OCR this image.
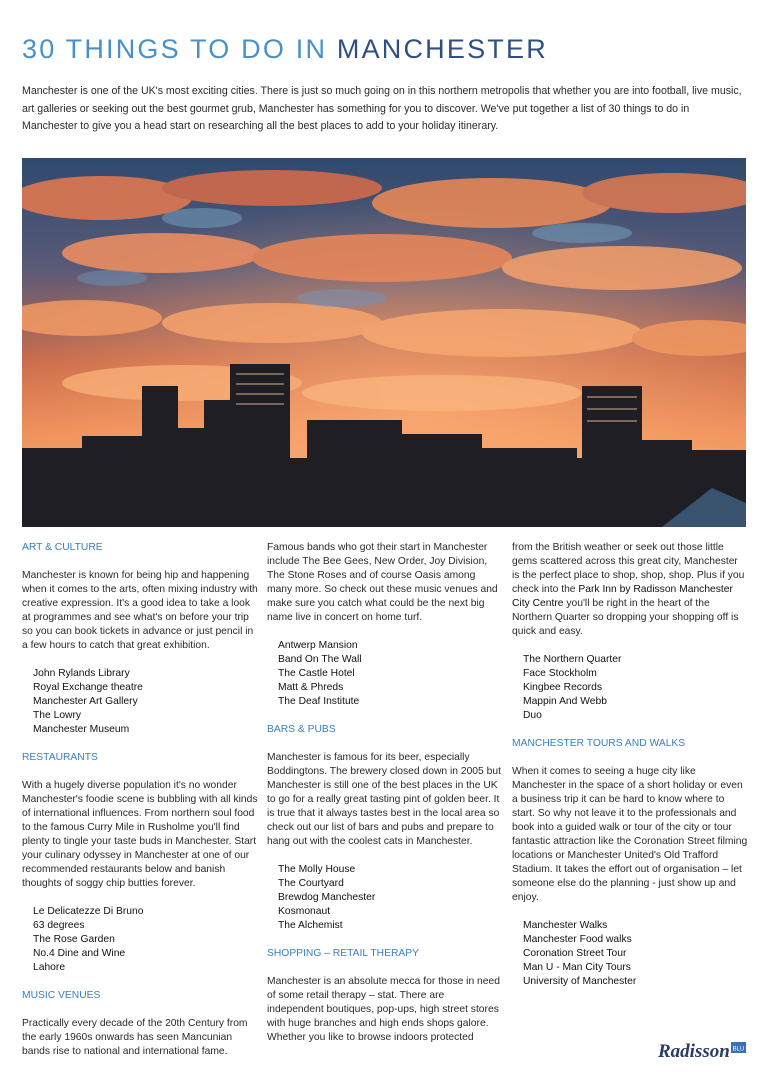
30 THINGS TO DO IN MANCHESTER

Manchester is one of the UK's most exciting cities. There is just so much going on in this northern metropolis that whether you are into football, live music, art galleries or seeking out the best gourmet grub, Manchester has something for you to discover. We've put together a list of 30 things to do in Manchester to give you a head start on researching all the best places to add to your holiday itinerary.

ART & CULTURE

Manchester is known for being hip and happening when it comes to the arts, often mixing industry with creative expression. It's a good idea to take a look at programmes and see what's on before your trip so you can book tickets in advance or just pencil in a few hours to catch that great exhibition.

John Rylands Library
Royal Exchange theatre
Manchester Art Gallery
The Lowry
Manchester Museum

RESTAURANTS

With a hugely diverse population it's no wonder Manchester's foodie scene is bubbling with all kinds of international influences. From northern soul food to the famous Curry Mile in Rusholme you'll find plenty to tingle your taste buds in Manchester. Start your culinary odyssey in Manchester at one of our recommended restaurants below and banish thoughts of soggy chip butties forever.

Le Delicatezze Di Bruno
63 degrees
The Rose Garden
No.4 Dine and Wine
Lahore

MUSIC VENUES

Practically every decade of the 20th Century from the early 1960s onwards has seen Mancunian bands rise to national and international fame.

Famous bands who got their start in Manchester include The Bee Gees, New Order, Joy Division, The Stone Roses and of course Oasis among many more. So check out these music venues and make sure you catch what could be the next big name live in concert on home turf.

Antwerp Mansion
Band On The Wall
The Castle Hotel
Matt & Phreds
The Deaf Institute

BARS & PUBS

Manchester is famous for its beer, especially Boddingtons. The brewery closed down in 2005 but Manchester is still one of the best places in the UK to go for a really great tasting pint of golden beer. It is true that it always tastes best in the local area so check out our list of bars and pubs and prepare to hang out with the coolest cats in Manchester.

The Molly House
The Courtyard
Brewdog Manchester
Kosmonaut
The Alchemist

SHOPPING – RETAIL THERAPY

Manchester is an absolute mecca for those in need of some retail therapy – stat. There are independent boutiques, pop-ups, high street stores with huge branches and high ends shops galore. Whether you like to browse indoors protected

from the British weather or seek out those little gems scattered across this great city, Manchester is the perfect place to shop, shop, shop. Plus if you check into the Park Inn by Radisson Manchester City Centre you'll be right in the heart of the Northern Quarter so dropping your shopping off is quick and easy.

The Northern Quarter
Face Stockholm
Kingbee Records
Mappin And Webb
Duo

MANCHESTER TOURS AND WALKS

When it comes to seeing a huge city like Manchester in the space of a short holiday or even a business trip it can be hard to know where to start. So why not leave it to the professionals and book into a guided walk or tour of the city or tour fantastic attraction like the Coronation Street filming locations or Manchester United's Old Trafford Stadium. It takes the effort out of organisation – let someone else do the planning - just show up and enjoy.

Manchester Walks
Manchester Food walks
Coronation Street Tour
Man U - Man City Tours
University of Manchester
Radisson BLU
